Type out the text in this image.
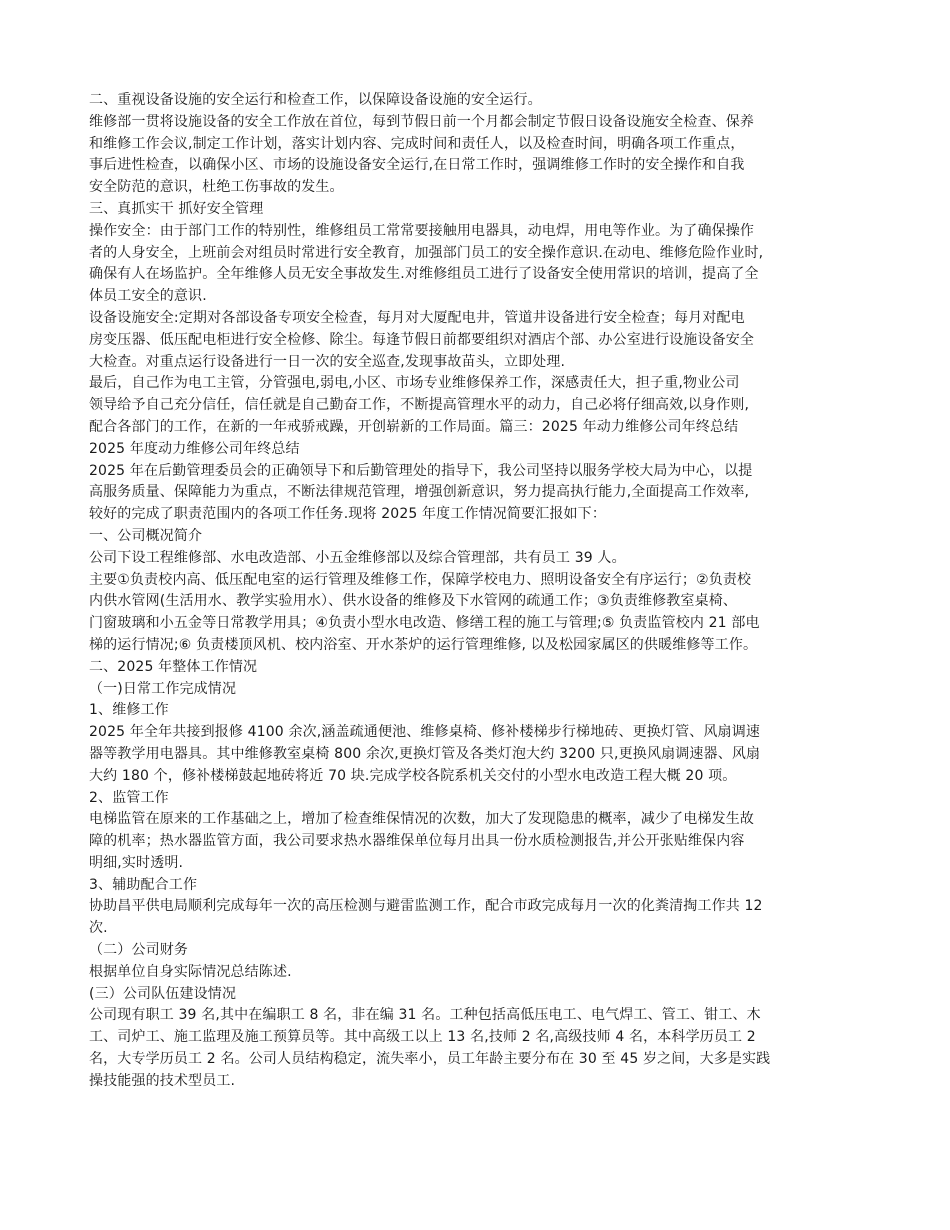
二、重视设备设施的安全运行和检查工作，以保障设备设施的安全运行。
维修部一贯将设施设备的安全工作放在首位，每到节假日前一个月都会制定节假日设备设施安全检查、保养
和维修工作会议,制定工作计划，落实计划内容、完成时间和责任人，以及检查时间，明确各项工作重点，
事后进性检查，以确保小区、市场的设施设备安全运行,在日常工作时，强调维修工作时的安全操作和自我
安全防范的意识，杜绝工伤事故的发生。
三、真抓实干 抓好安全管理
操作安全：由于部门工作的特别性，维修组员工常常要接触用电器具，动电焊，用电等作业。为了确保操作
者的人身安全，上班前会对组员时常进行安全教育，加强部门员工的安全操作意识.在动电、维修危险作业时,
确保有人在场监护。全年维修人员无安全事故发生.对维修组员工进行了设备安全使用常识的培训，提高了全
体员工安全的意识.
设备设施安全:定期对各部设备专项安全检查，每月对大厦配电井，管道井设备进行安全检查；每月对配电
房变压器、低压配电柜进行安全检修、除尘。每逢节假日前都要组织对酒店个部、办公室进行设施设备安全
大检查。对重点运行设备进行一日一次的安全巡查,发现事故苗头，立即处理.
最后，自己作为电工主管，分管强电,弱电,小区、市场专业维修保养工作，深感责任大，担子重,物业公司
领导给予自己充分信任，信任就是自己勤奋工作，不断提高管理水平的动力，自己必将仔细高效,以身作则,
配合各部门的工作，在新的一年戒骄戒躁，开创崭新的工作局面。篇三：2025 年动力维修公司年终总结
2025 年度动力维修公司年终总结
2025 年在后勤管理委员会的正确领导下和后勤管理处的指导下，我公司坚持以服务学校大局为中心，以提
高服务质量、保障能力为重点，不断法律规范管理，增强创新意识，努力提高执行能力,全面提高工作效率,
较好的完成了职责范围内的各项工作任务.现将 2025 年度工作情况简要汇报如下：
一、公司概况简介
公司下设工程维修部、水电改造部、小五金维修部以及综合管理部，共有员工 39 人。
主要①负责校内高、低压配电室的运行管理及维修工作，保障学校电力、照明设备安全有序运行；②负责校
内供水管网(生活用水、教学实验用水）、供水设备的维修及下水管网的疏通工作；③负责维修教室桌椅、
门窗玻璃和小五金等日常教学用具；④负责小型水电改造、修缮工程的施工与管理;⑤ 负责监管校内 21 部电
梯的运行情况;⑥ 负责楼顶风机、校内浴室、开水茶炉的运行管理维修, 以及松园家属区的供暖维修等工作。
二、2025 年整体工作情况
（一)日常工作完成情况
1、维修工作
2025 年全年共接到报修 4100 余次,涵盖疏通便池、维修桌椅、修补楼梯步行梯地砖、更换灯管、风扇调速
器等教学用电器具。其中维修教室桌椅 800 余次,更换灯管及各类灯泡大约 3200 只,更换风扇调速器、风扇
大约 180 个，修补楼梯鼓起地砖将近 70 块.完成学校各院系机关交付的小型水电改造工程大概 20 项。
2、监管工作
电梯监管在原来的工作基础之上，增加了检查维保情况的次数，加大了发现隐患的概率，减少了电梯发生故
障的机率；热水器监管方面，我公司要求热水器维保单位每月出具一份水质检测报告,并公开张贴维保内容
明细,实时透明.
3、辅助配合工作
协助昌平供电局顺利完成每年一次的高压检测与避雷监测工作，配合市政完成每月一次的化粪清掏工作共 12
次.
（二）公司财务
根据单位自身实际情况总结陈述.
(三）公司队伍建设情况
公司现有职工 39 名,其中在编职工 8 名，非在编 31 名。工种包括高低压电工、电气焊工、管工、钳工、木
工、司炉工、施工监理及施工预算员等。其中高级工以上 13 名,技师 2 名,高级技师 4 名，本科学历员工 2
名，大专学历员工 2 名。公司人员结构稳定，流失率小，员工年龄主要分布在 30 至 45 岁之间，大多是实践
操技能强的技术型员工.
